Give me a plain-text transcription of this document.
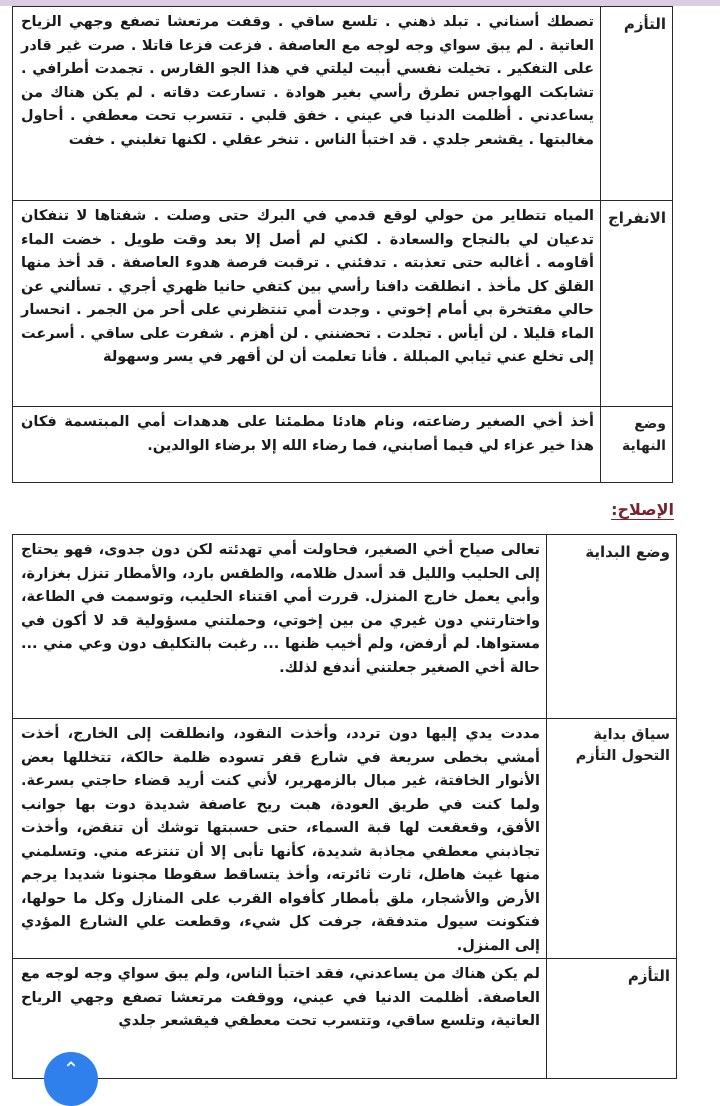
التأزم		تصطك أسناني . تبلد ذهني . تلسع ساقي . وقفت مرتعشا تصفع وجهي الزياح العاتية . لم يبق سواي وجه لوجه مع العاصفة . فزعت فزعا قاتلا . صرت غير قادر على التفكير . تخيلت نفسي أبيت ليلتي في هذا الجو القارس . تجمدت أطرافي . تشابكت الهواجس تطرق رأسي بغير هوادة . تسارعت دقاته . لم يكن هناك من يساعدني . أظلمت الدنيا في عيني . خفق قلبي . تتسرب تحت معطفي . أحاول مغالبتها . يقشعر جلدي . قد اختبأ الناس . تنخر عقلي . لكنها تغلبني . خفت
الانفراج		المياه تتطاير من حولي لوقع قدمي في البرك حتى وصلت . شفتاها لا تنفكان تدعيان لي بالنجاح والسعادة . لكني لم أصل إلا بعد وقت طويل . خضت الماء أقاومه . أغالبه حتى تعذبته . تدفئني . ترقبت فرصة هدوء العاصفة . قد أخذ منها القلق كل مأخذ . انطلقت دافنا رأسي بين كتفي حانيا ظهري أجري . تسألني عن حالي مفتخرة بي أمام إخوتي . وجدت أمي تنتظرني على أحر من الجمر . انحسار الماء قليلا . لن أيأس . تجلدت . تحضنني . لن أهزم . شفرت على ساقي . أسرعت إلى تخلع عني ثيابي المبللة . فأنا تعلمت أن لن أقهر في يسر وسهولة
وضع النهاية		أخذ أخي الصغير رضاعته، ونام هادئا مطمئنا على هدهدات أمي المبتسمة فكان هذا خير عزاء لي فيما أصابني، فما رضاء الله إلا برضاء الوالدين.
الإصلاح:
وضع البداية	تعالى صياح أخي الصغير، فحاولت أمي تهدئته لكن دون جدوى، فهو يحتاج إلى الحليب والليل قد أسدل ظلامه، والطقس بارد، والأمطار تنزل بغزارة، وأبي يعمل خارج المنزل. قررت أمي اقتناء الحليب، وتوسمت في الطاعة، واختارتني دون غيري من بين إخوتي، وحملتني مسؤولية قد لا أكون في مستواها. لم أرفض، ولم أخيب ظنها ... رغبت بالتكليف دون وعي مني ... حالة أخي الصغير جعلتني أندفع لذلك.
سياق بداية التحول التأزم	مددت يدي إليها دون تردد، وأخذت النقود، وانطلقت إلى الخارج، أخذت أمشي بخطى سريعة في شارع قفر تسوده ظلمة حالكة، تتخللها بعض الأنوار الخافتة، غير مبال بالزمهرير، لأني كنت أريد قضاء حاجتي بسرعة. ولما كنت في طريق العودة، هبت ريح عاصفة شديدة دوت بها جوانب الأفق، وقعقعت لها قبة السماء، حتى حسبتها توشك أن تنقض، وأخذت تجاذبني معطفي مجاذبة شديدة، كأنها تأبى إلا أن تنتزعه مني. وتسلمني منها غيث هاطل، ثارت ثائرته، وأخذ يتساقط سقوطا مجنونا شديدا يرجم الأرض والأشجار، ملق بأمطار كأفواه القرب على المنازل وكل ما حولها، فتكونت سيول متدفقة، جرفت كل شيء، وقطعت علي الشارع المؤدي إلى المنزل.
التأزم	لم يكن هناك من يساعدني، فقد اختبأ الناس، ولم يبق سواي وجه لوجه مع العاصفة. أظلمت الدنيا في عيني، ووقفت مرتعشا تصفع وجهي الرياح العاتية، وتلسع ساقي، وتتسرب تحت معطفي فيقشعر جلدي
⌃
